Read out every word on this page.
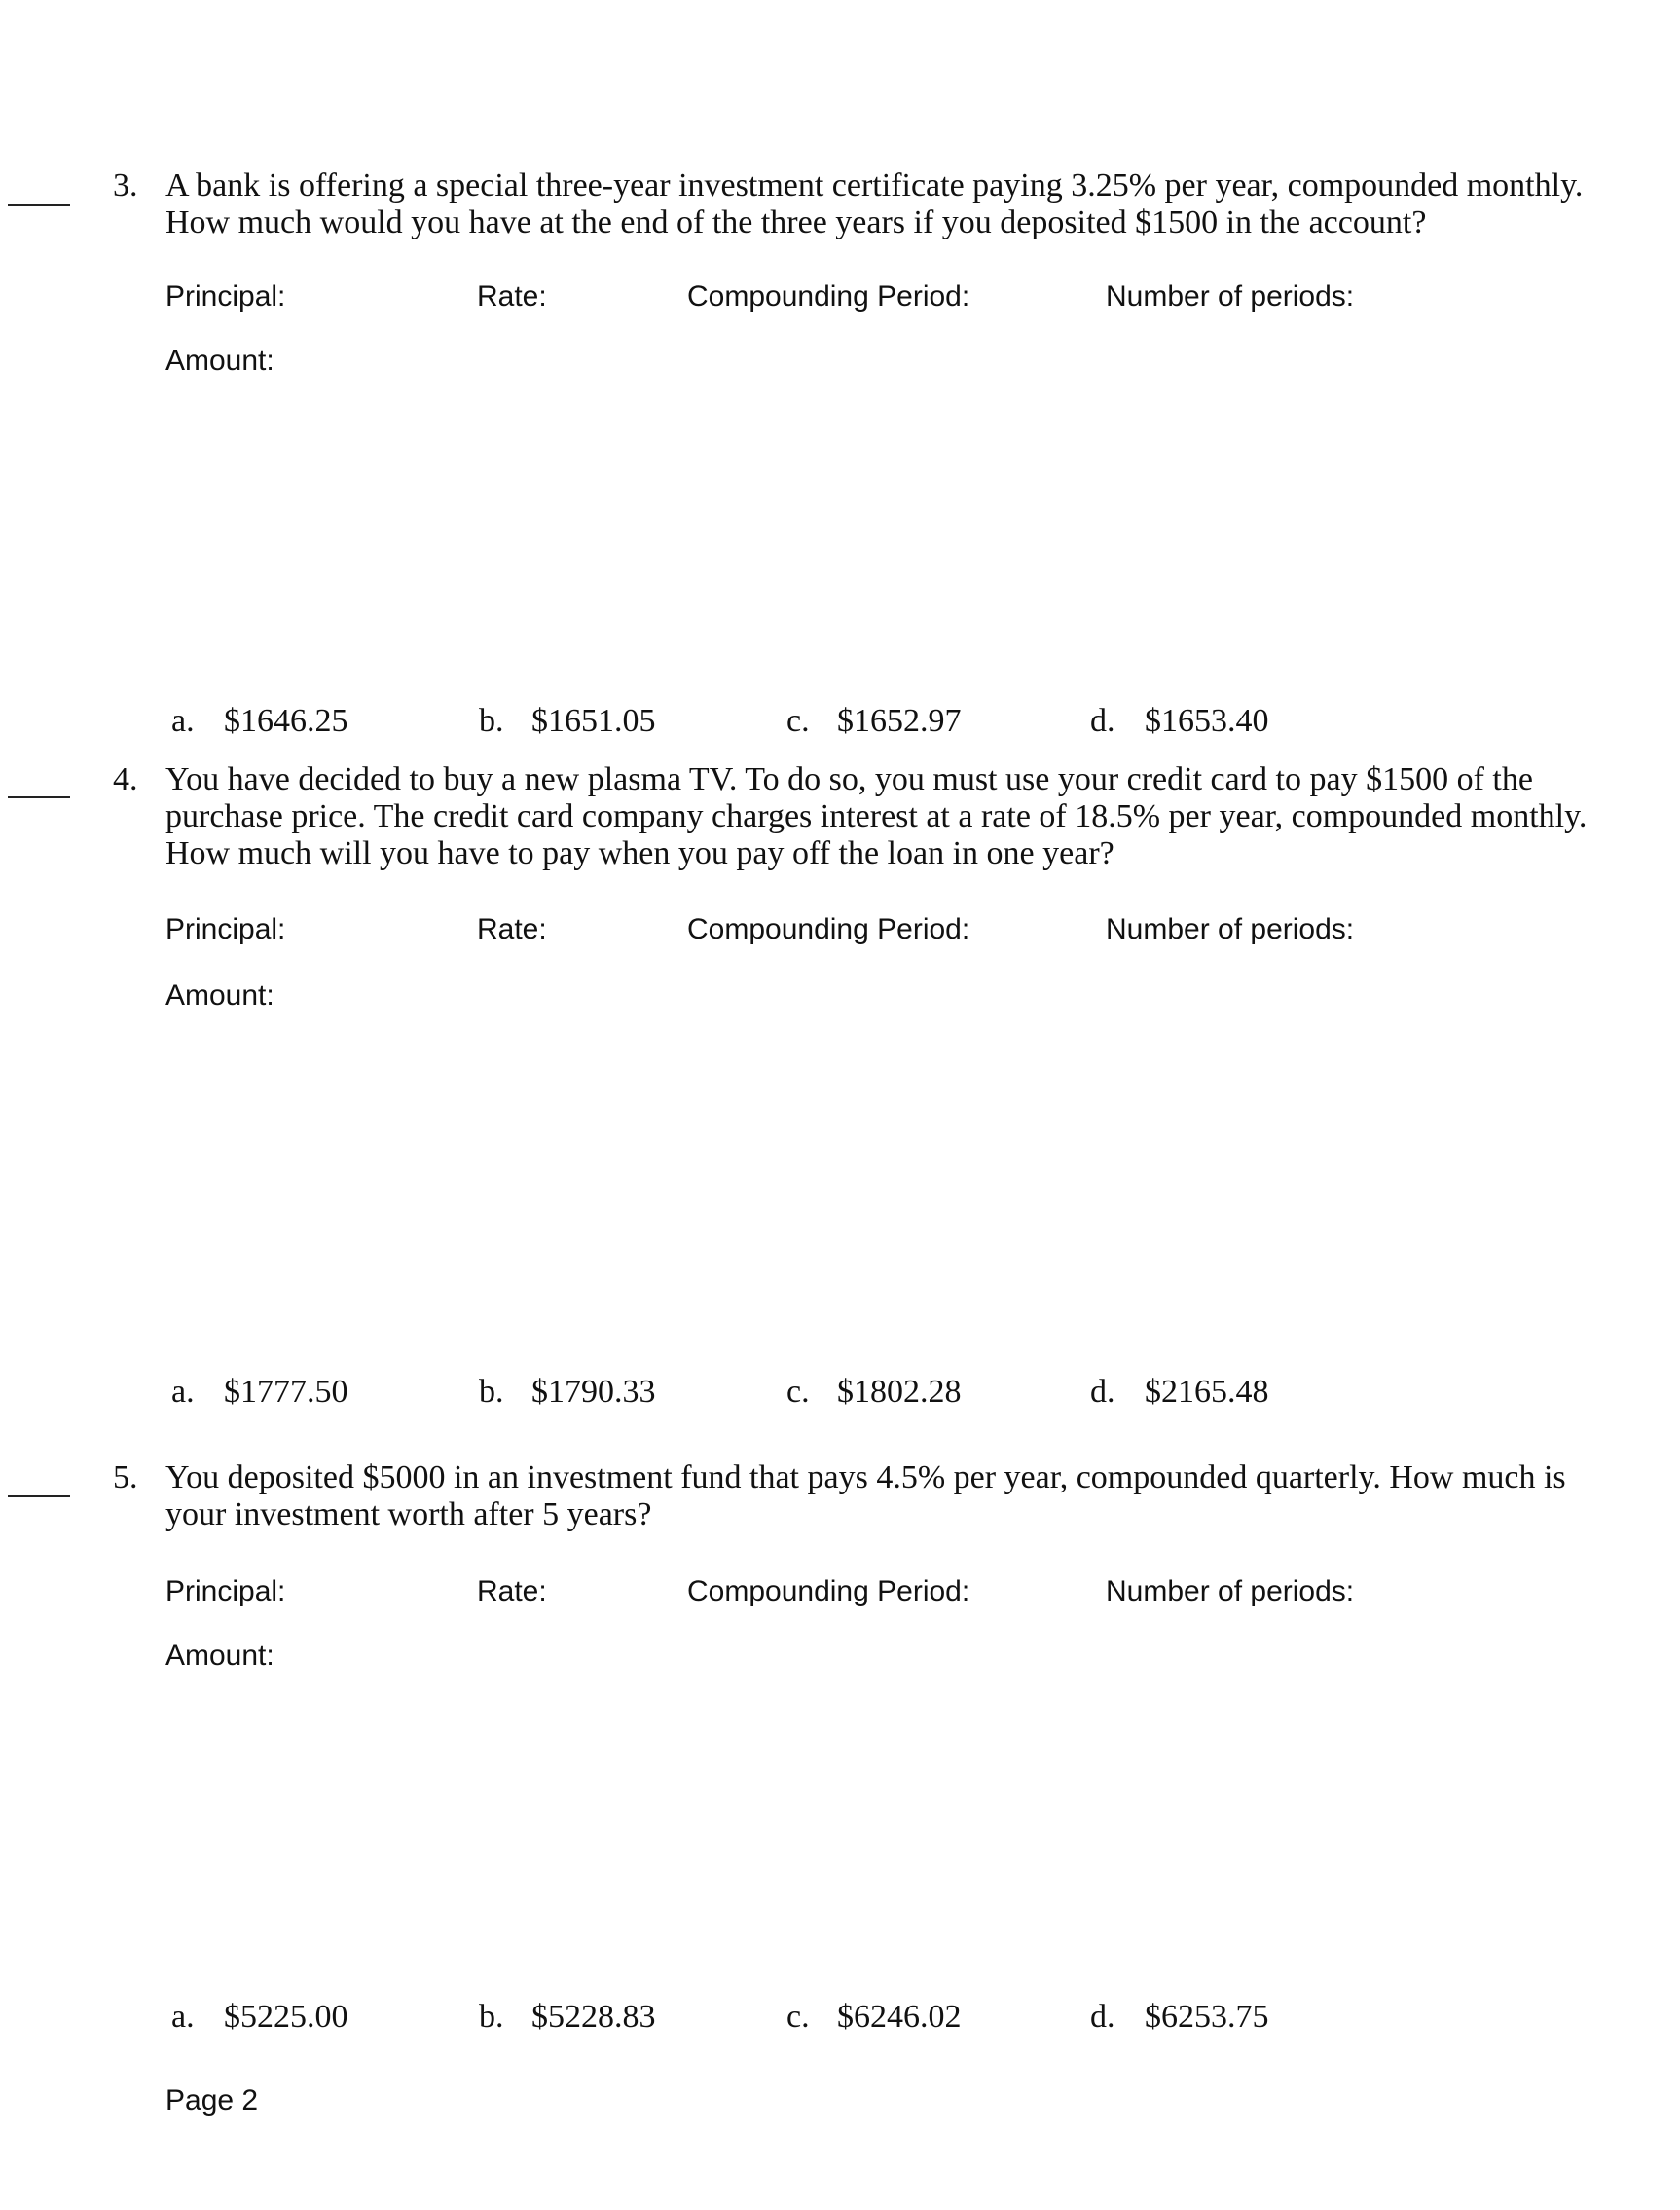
3. A bank is offering a special three-year investment certificate paying 3.25% per year, compounded monthly.
How much would you have at the end of the three years if you deposited $1500 in the account?
Principal:	Rate:	Compounding Period:	Number of periods:
Amount:
a. $1646.25	b. $1651.05	c. $1652.97	d. $1653.40
4. You have decided to buy a new plasma TV. To do so, you must use your credit card to pay $1500 of the
purchase price. The credit card company charges interest at a rate of 18.5% per year, compounded monthly.
How much will you have to pay when you pay off the loan in one year?
Principal:	Rate:	Compounding Period:	Number of periods:
Amount:
a. $1777.50	b. $1790.33	c. $1802.28	d. $2165.48
5. You deposited $5000 in an investment fund that pays 4.5% per year, compounded quarterly. How much is
your investment worth after 5 years?
Principal:	Rate:	Compounding Period:	Number of periods:
Amount:
a. $5225.00	b. $5228.83	c. $6246.02	d. $6253.75
Page 2
